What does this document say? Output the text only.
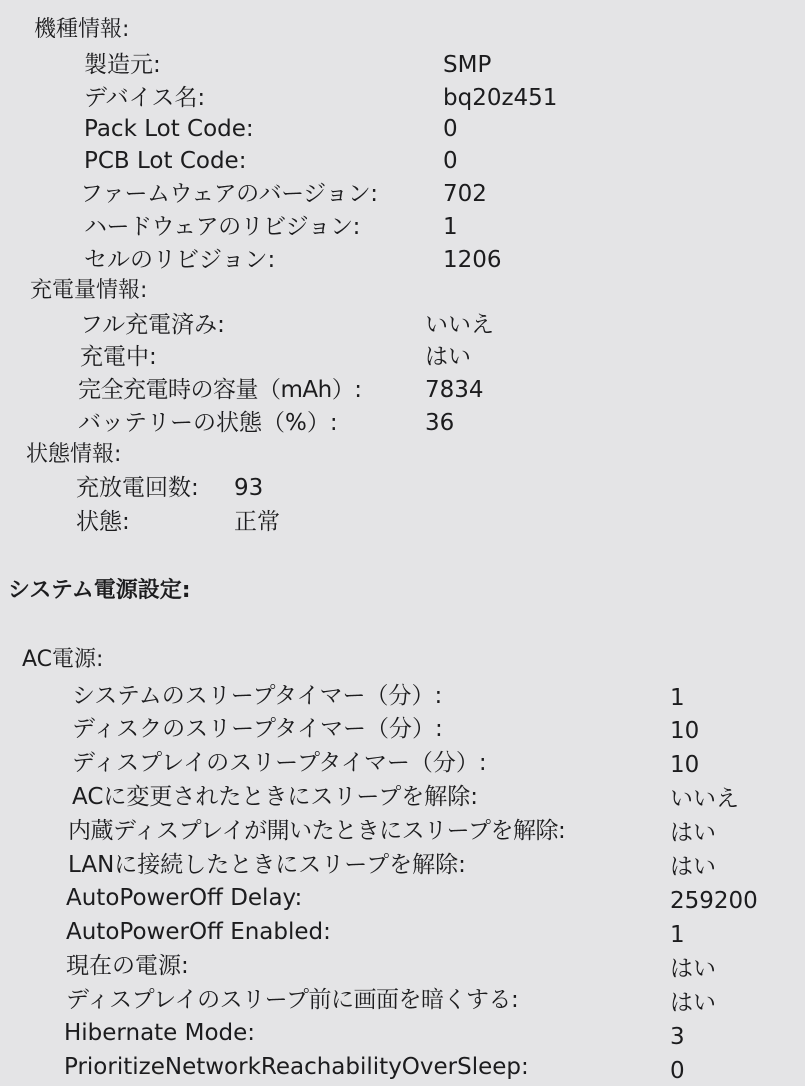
機種情報:
製造元:	SMP
デバイス名:	bq20z451
Pack Lot Code:	0
PCB Lot Code:	0
ファームウェアのバージョン:	702
ハードウェアのリビジョン:	1
セルのリビジョン:	1206
充電量情報:
フル充電済み:	いいえ
充電中:	はい
完全充電時の容量（mAh）:	7834
バッテリーの状態（%）:	36
状態情報:
充放電回数: 93
状態:	正常
システム電源設定:
AC電源:
システムのスリープタイマー（分）:	1
ディスクのスリープタイマー（分）:	10
ディスプレイのスリープタイマー（分）:	10
ACに変更されたときにスリープを解除:	いいえ
内蔵ディスプレイが開いたときにスリープを解除:	はい
LANに接続したときにスリープを解除:	はい
AutoPowerOff Delay:	259200
AutoPowerOff Enabled:	1
現在の電源:	はい
ディスプレイのスリープ前に画面を暗くする:	はい
Hibernate Mode:	3
PrioritizeNetworkReachabilityOverSleep:	0
